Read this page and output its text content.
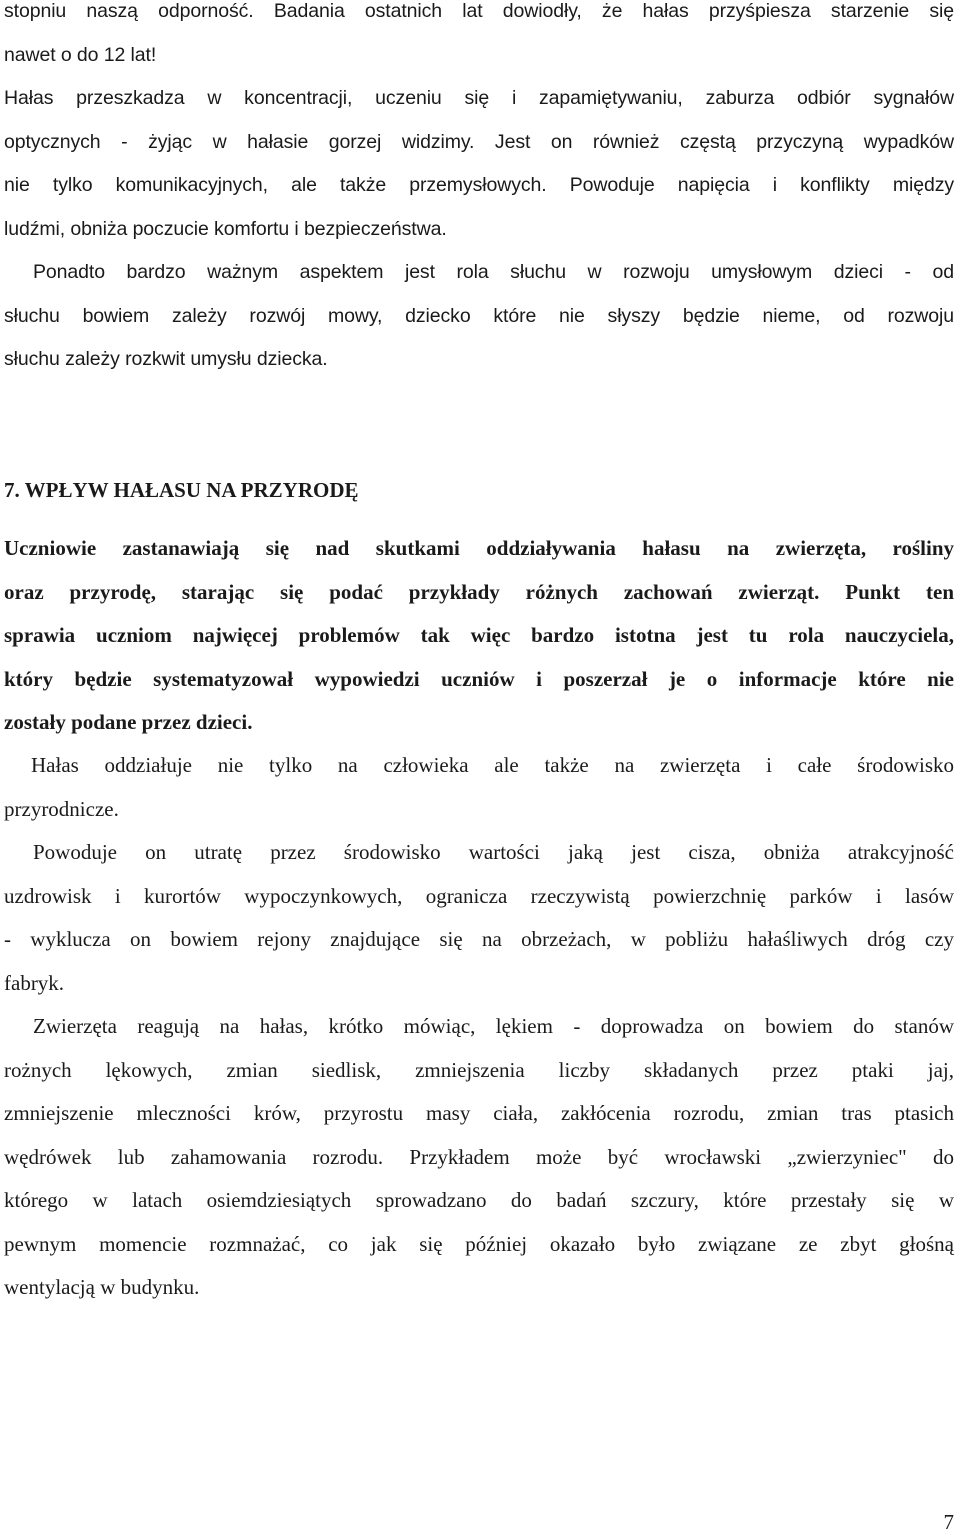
stopniu naszą odporność. Badania ostatnich lat dowiodły, że hałas przyśpiesza starzenie się
nawet o do 12 lat!
Hałas przeszkadza w koncentracji, uczeniu się i zapamiętywaniu, zaburza odbiór sygnałów
optycznych - żyjąc w hałasie gorzej widzimy. Jest on również częstą przyczyną wypadków
nie tylko komunikacyjnych, ale także przemysłowych. Powoduje napięcia i konflikty między
ludźmi, obniża poczucie komfortu i bezpieczeństwa.
Ponadto bardzo ważnym aspektem jest rola słuchu w rozwoju umysłowym dzieci - od
słuchu bowiem zależy rozwój mowy, dziecko które nie słyszy będzie nieme, od rozwoju
słuchu zależy rozkwit umysłu dziecka.
7. WPŁYW HAŁASU NA PRZYRODĘ
Uczniowie zastanawiają się nad skutkami oddziaływania hałasu na zwierzęta, rośliny
oraz przyrodę, starając się podać przykłady różnych zachowań zwierząt. Punkt ten
sprawia uczniom najwięcej problemów tak więc bardzo istotna jest tu rola nauczyciela,
który będzie systematyzował wypowiedzi uczniów i poszerzał je o informacje które nie
zostały podane przez dzieci.
Hałas oddziałuje nie tylko na człowieka ale także na zwierzęta i całe środowisko
przyrodnicze.
Powoduje on utratę przez środowisko wartości jaką jest cisza, obniża atrakcyjność
uzdrowisk i kurortów wypoczynkowych, ogranicza rzeczywistą powierzchnię parków i lasów
- wyklucza on bowiem rejony znajdujące się na obrzeżach, w pobliżu hałaśliwych dróg czy
fabryk.
Zwierzęta reagują na hałas, krótko mówiąc, lękiem - doprowadza on bowiem do stanów
rożnych lękowych, zmian siedlisk, zmniejszenia liczby składanych przez ptaki jaj,
zmniejszenie mleczności krów, przyrostu masy ciała, zakłócenia rozrodu, zmian tras ptasich
wędrówek lub zahamowania rozrodu. Przykładem może być wrocławski „zwierzyniec" do
którego w latach osiemdziesiątych sprowadzano do badań szczury, które przestały się w
pewnym momencie rozmnażać, co jak się później okazało było związane ze zbyt głośną
wentylacją w budynku.
7
